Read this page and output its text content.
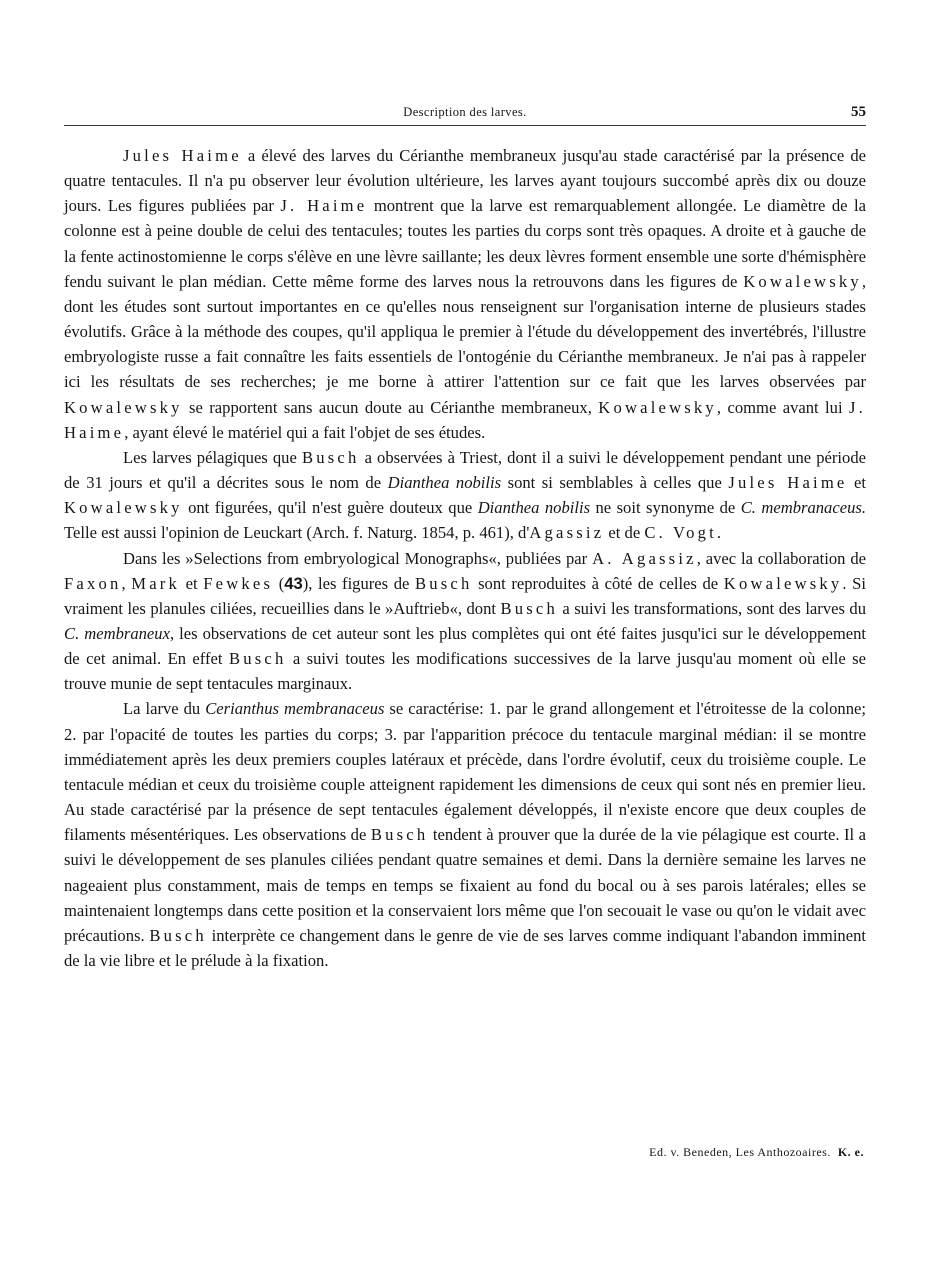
Description des larves.	55

Jules Haime a élevé des larves du Cérianthe membraneux jusqu'au stade caractérisé par la présence de quatre tentacules. Il n'a pu observer leur évolution ultérieure, les larves ayant toujours succombé après dix ou douze jours. Les figures publiées par J. Haime montrent que la larve est remarquablement allongée. Le diamètre de la colonne est à peine double de celui des tentacules; toutes les parties du corps sont très opaques. A droite et à gauche de la fente actinostomienne le corps s'élève en une lèvre saillante; les deux lèvres forment ensemble une sorte d'hémisphère fendu suivant le plan médian. Cette même forme des larves nous la retrouvons dans les figures de Kowalewsky, dont les études sont surtout importantes en ce qu'elles nous renseignent sur l'organisation interne de plusieurs stades évolutifs. Grâce à la méthode des coupes, qu'il appliqua le premier à l'étude du développement des invertébrés, l'illustre embryologiste russe a fait connaître les faits essentiels de l'ontogénie du Cérianthe membraneux. Je n'ai pas à rappeler ici les résultats de ses recherches; je me borne à attirer l'attention sur ce fait que les larves observées par Kowalewsky se rapportent sans aucun doute au Cérianthe membraneux, Kowalewsky, comme avant lui J. Haime, ayant élevé le matériel qui a fait l'objet de ses études.

Les larves pélagiques que Busch a observées à Triest, dont il a suivi le développement pendant une période de 31 jours et qu'il a décrites sous le nom de Dianthea nobilis sont si semblables à celles que Jules Haime et Kowalewsky ont figurées, qu'il n'est guère douteux que Dianthea nobilis ne soit synonyme de C. membranaceus. Telle est aussi l'opinion de Leuckart (Arch. f. Naturg. 1854, p. 461), d'Agassiz et de C. Vogt.

Dans les »Selections from embryological Monographs«, publiées par A. Agassiz, avec la collaboration de Faxon, Mark et Fewkes (43), les figures de Busch sont reproduites à côté de celles de Kowalewsky. Si vraiment les planules ciliées, recueillies dans le »Auftrieb«, dont Busch a suivi les transformations, sont des larves du C. membraneux, les observations de cet auteur sont les plus complètes qui ont été faites jusqu'ici sur le développement de cet animal. En effet Busch a suivi toutes les modifications successives de la larve jusqu'au moment où elle se trouve munie de sept tentacules marginaux.

La larve du Cerianthus membranaceus se caractérise: 1. par le grand allongement et l'étroitesse de la colonne; 2. par l'opacité de toutes les parties du corps; 3. par l'apparition précoce du tentacule marginal médian: il se montre immédiatement après les deux premiers couples latéraux et précède, dans l'ordre évolutif, ceux du troisième couple. Le tentacule médian et ceux du troisième couple atteignent rapidement les dimensions de ceux qui sont nés en premier lieu. Au stade caractérisé par la présence de sept tentacules également développés, il n'existe encore que deux couples de filaments mésentériques. Les observations de Busch tendent à prouver que la durée de la vie pélagique est courte. Il a suivi le développement de ses planules ciliées pendant quatre semaines et demi. Dans la dernière semaine les larves ne nageaient plus constamment, mais de temps en temps se fixaient au fond du bocal ou à ses parois latérales; elles se maintenaient longtemps dans cette position et la conservaient lors même que l'on secouait le vase ou qu'on le vidait avec précautions. Busch interprète ce changement dans le genre de vie de ses larves comme indiquant l'abandon imminent de la vie libre et le prélude à la fixation.

Ed. v. Beneden, Les Anthozoaires. K. e.
